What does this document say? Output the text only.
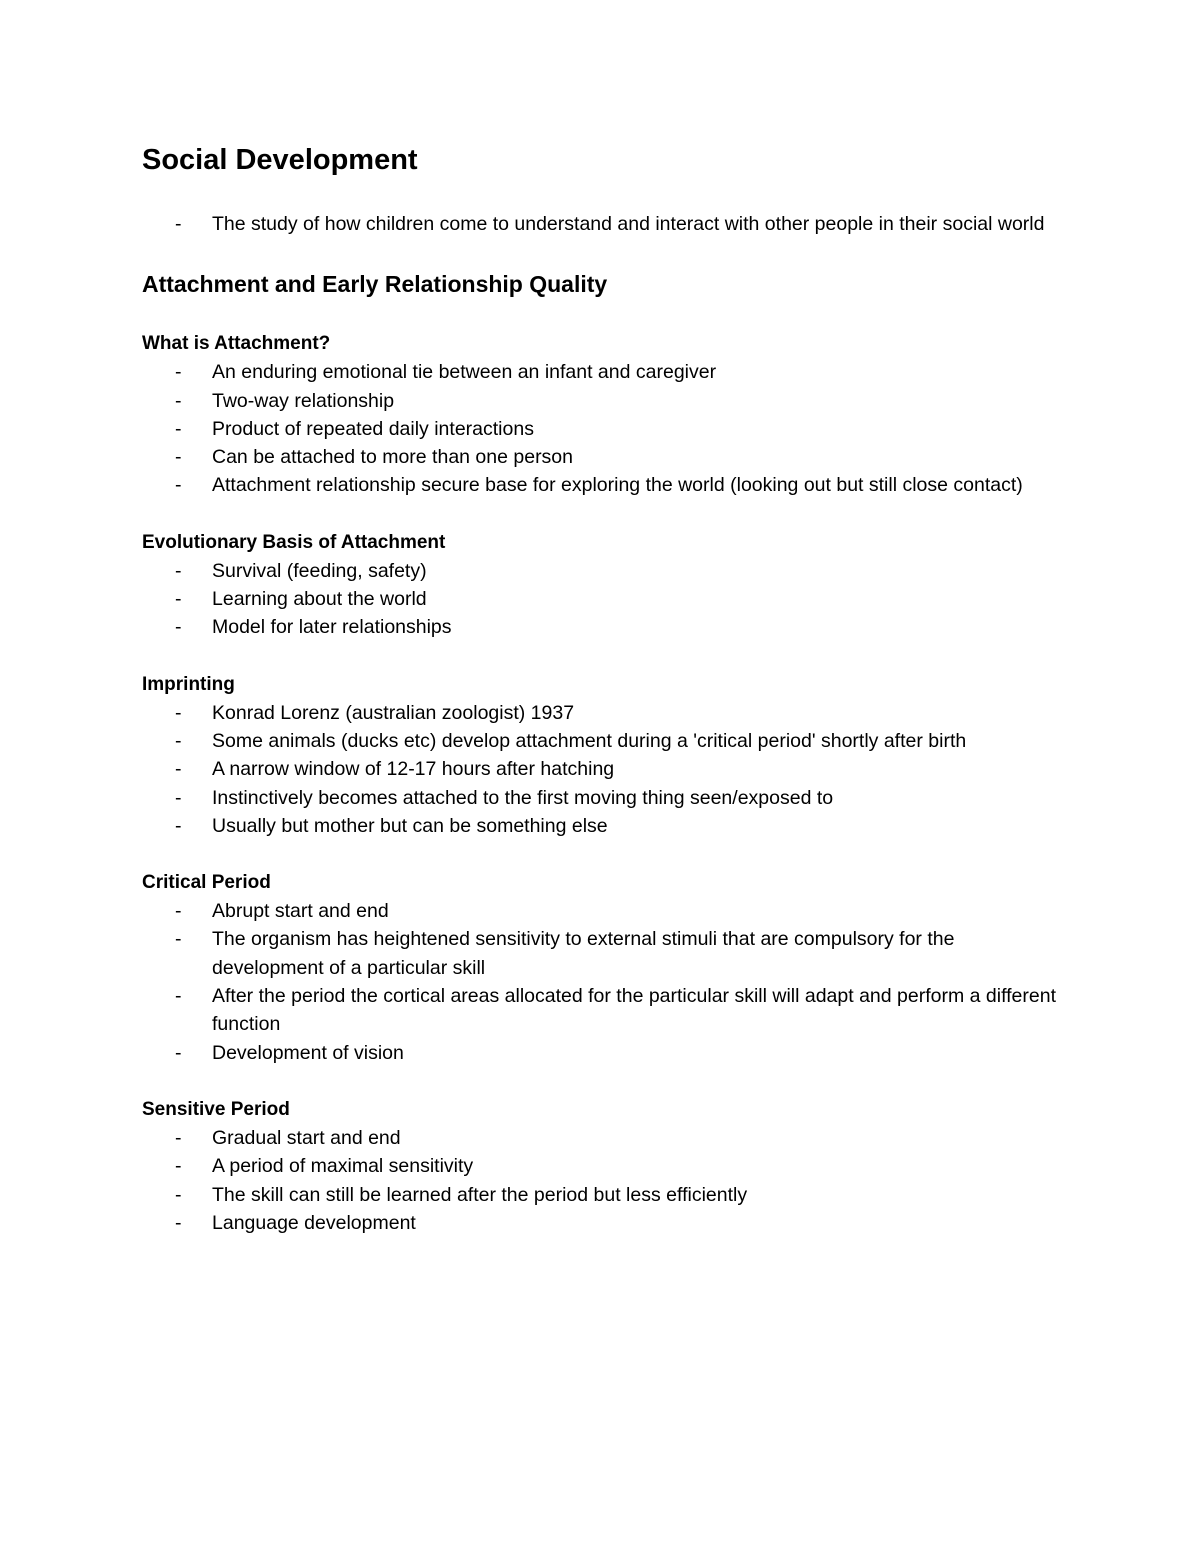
Social Development
- The study of how children come to understand and interact with other people in their social world
Attachment and Early Relationship Quality
What is Attachment?
- An enduring emotional tie between an infant and caregiver
- Two-way relationship
- Product of repeated daily interactions
- Can be attached to more than one person
- Attachment relationship secure base for exploring the world (looking out but still close contact)
Evolutionary Basis of Attachment
- Survival (feeding, safety)
- Learning about the world
- Model for later relationships
Imprinting
- Konrad Lorenz (australian zoologist) 1937
- Some animals (ducks etc) develop attachment during a 'critical period' shortly after birth
- A narrow window of 12-17 hours after hatching
- Instinctively becomes attached to the first moving thing seen/exposed to
- Usually but mother but can be something else
Critical Period
- Abrupt start and end
- The organism has heightened sensitivity to external stimuli that are compulsory for the development of a particular skill
- After the period the cortical areas allocated for the particular skill will adapt and perform a different function
- Development of vision
Sensitive Period
- Gradual start and end
- A period of maximal sensitivity
- The skill can still be learned after the period but less efficiently
- Language development
